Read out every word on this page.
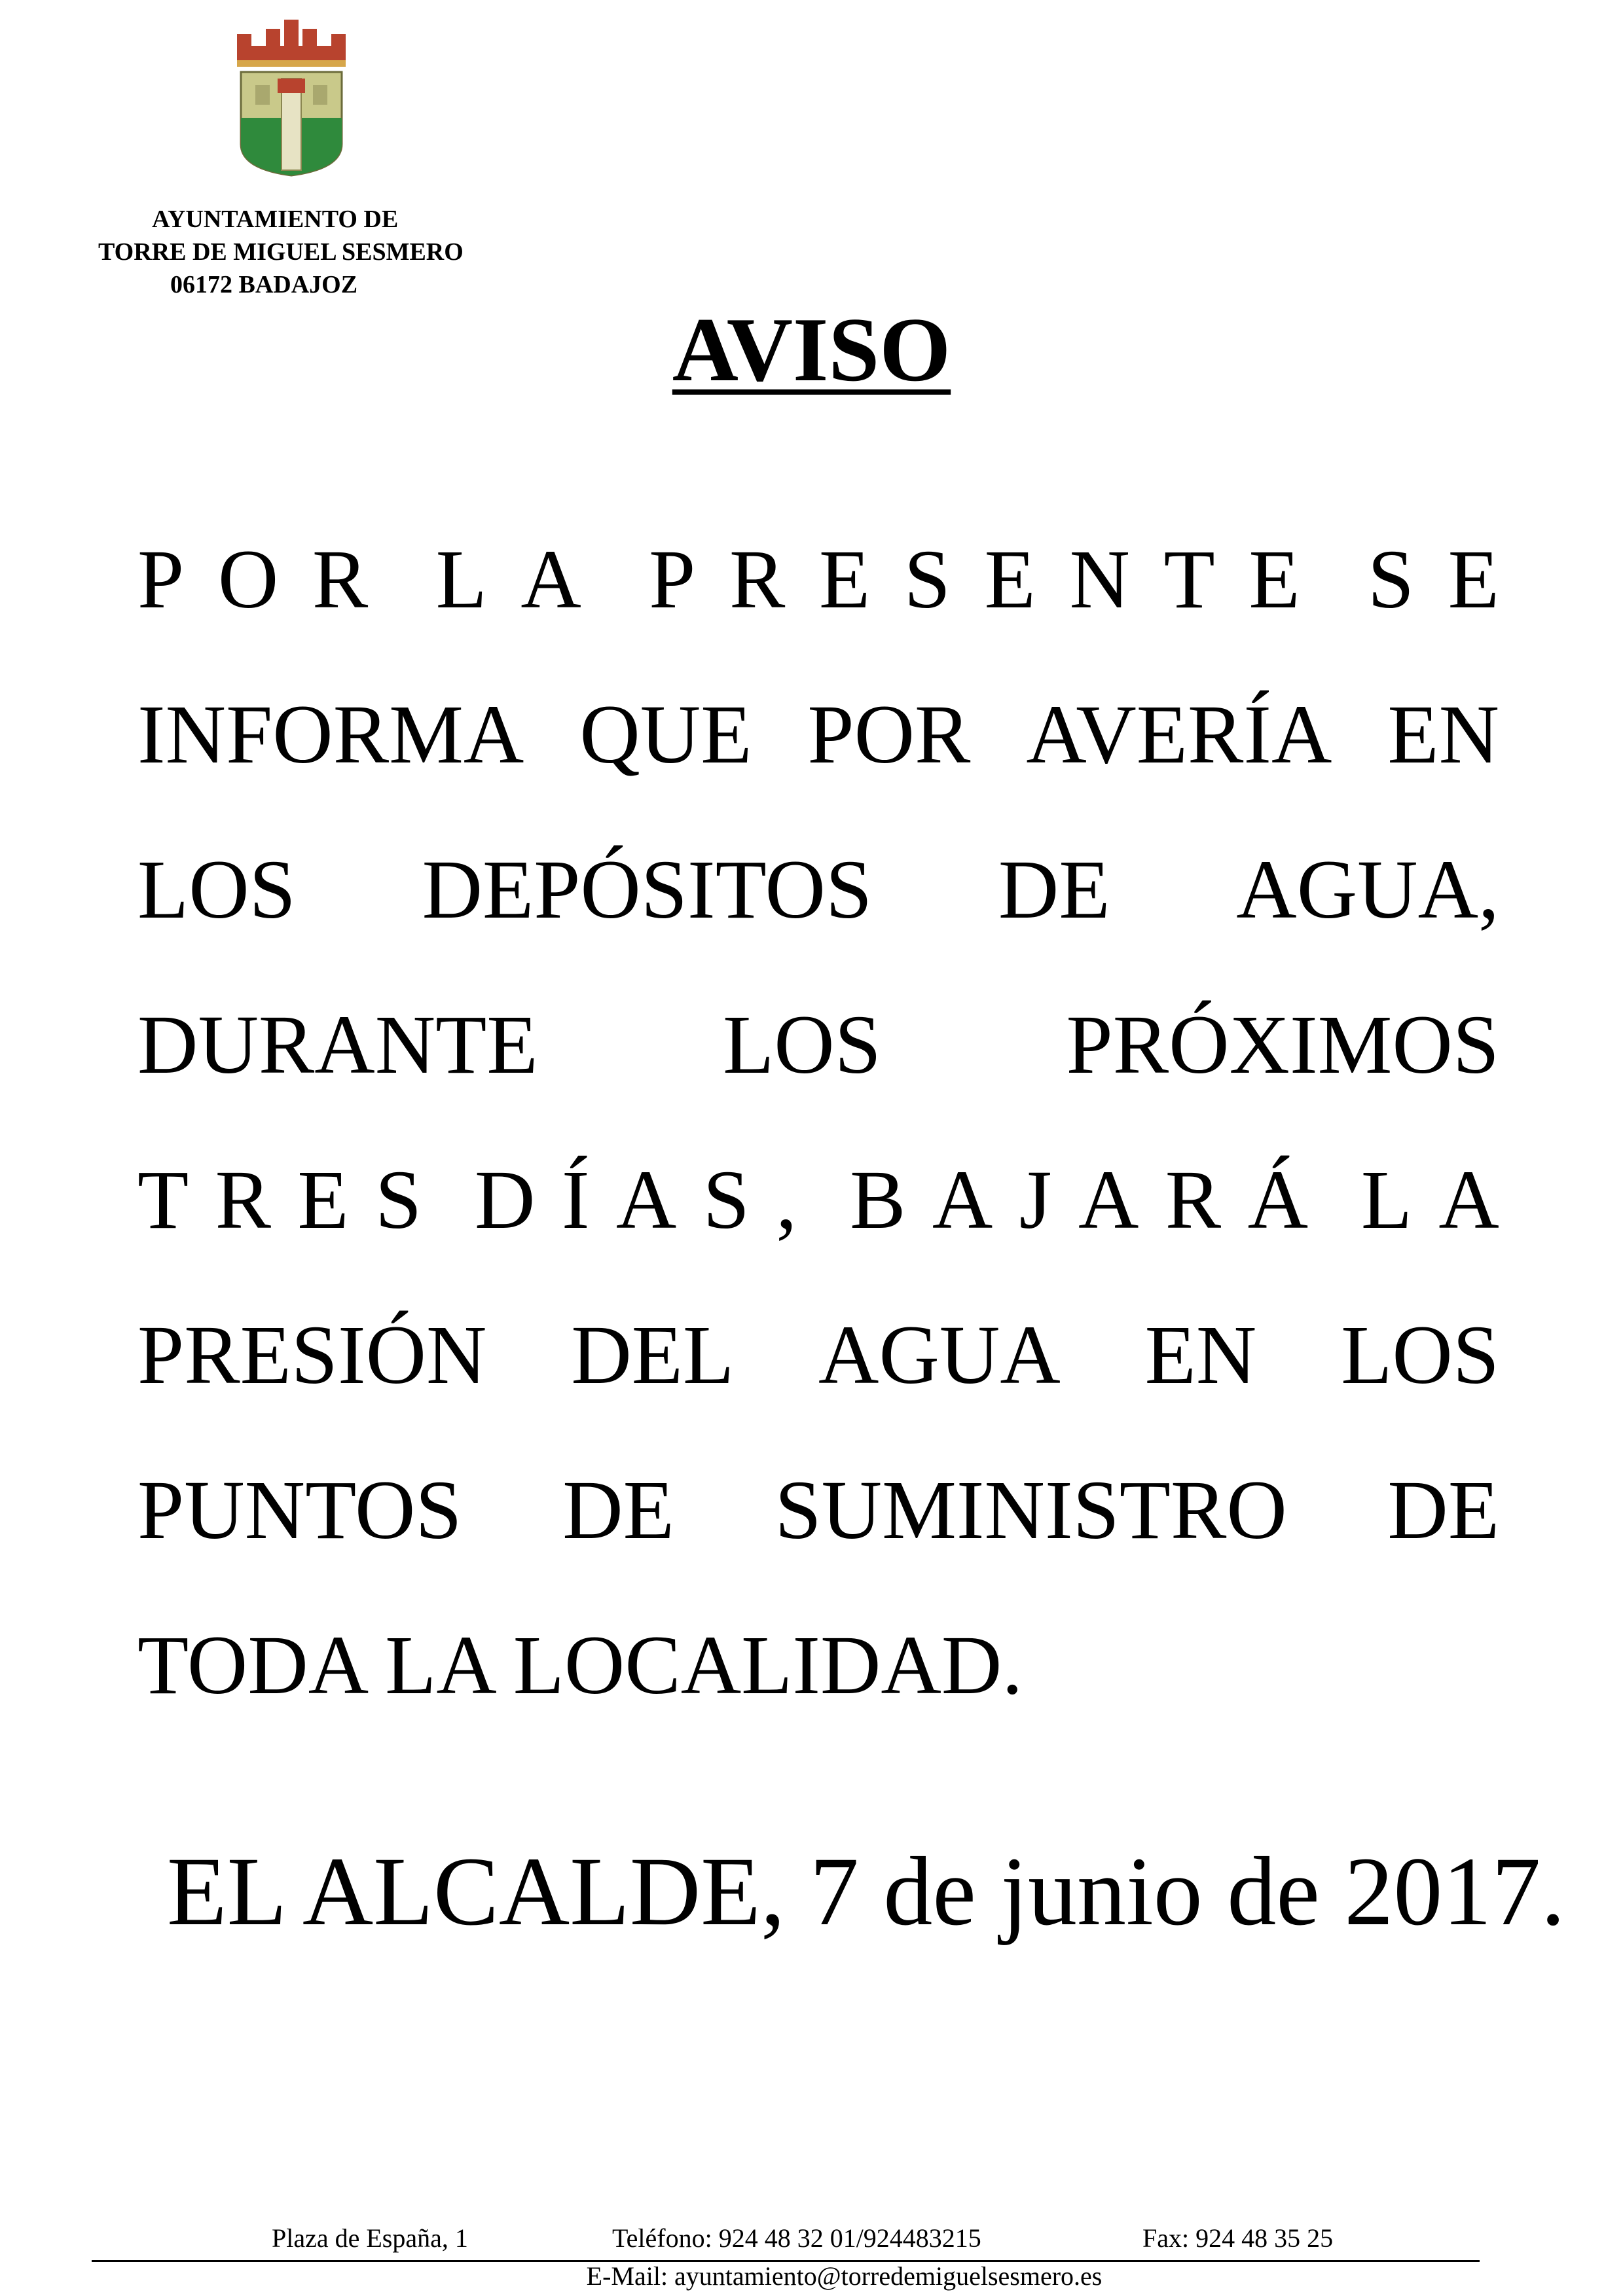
AYUNTAMIENTO DE
TORRE DE MIGUEL SESMERO
06172 BADAJOZ
AVISO
P O R L A P R E S E N T E S E
INFORMA QUE POR AVERÍA EN
LOS DEPÓSITOS DE AGUA,
DURANTE LOS PRÓXIMOS
T R E S D Í A S , B A J A R Á L A
PRESIÓN DEL AGUA EN LOS
PUNTOS DE SUMINISTRO DE
TODA LA LOCALIDAD.
EL ALCALDE, 7 de junio de 2017.
Plaza de España, 1	Teléfono: 924 48 32 01/924483215	Fax: 924 48 35 25
E-Mail: ayuntamiento@torredemiguelsesmero.es
